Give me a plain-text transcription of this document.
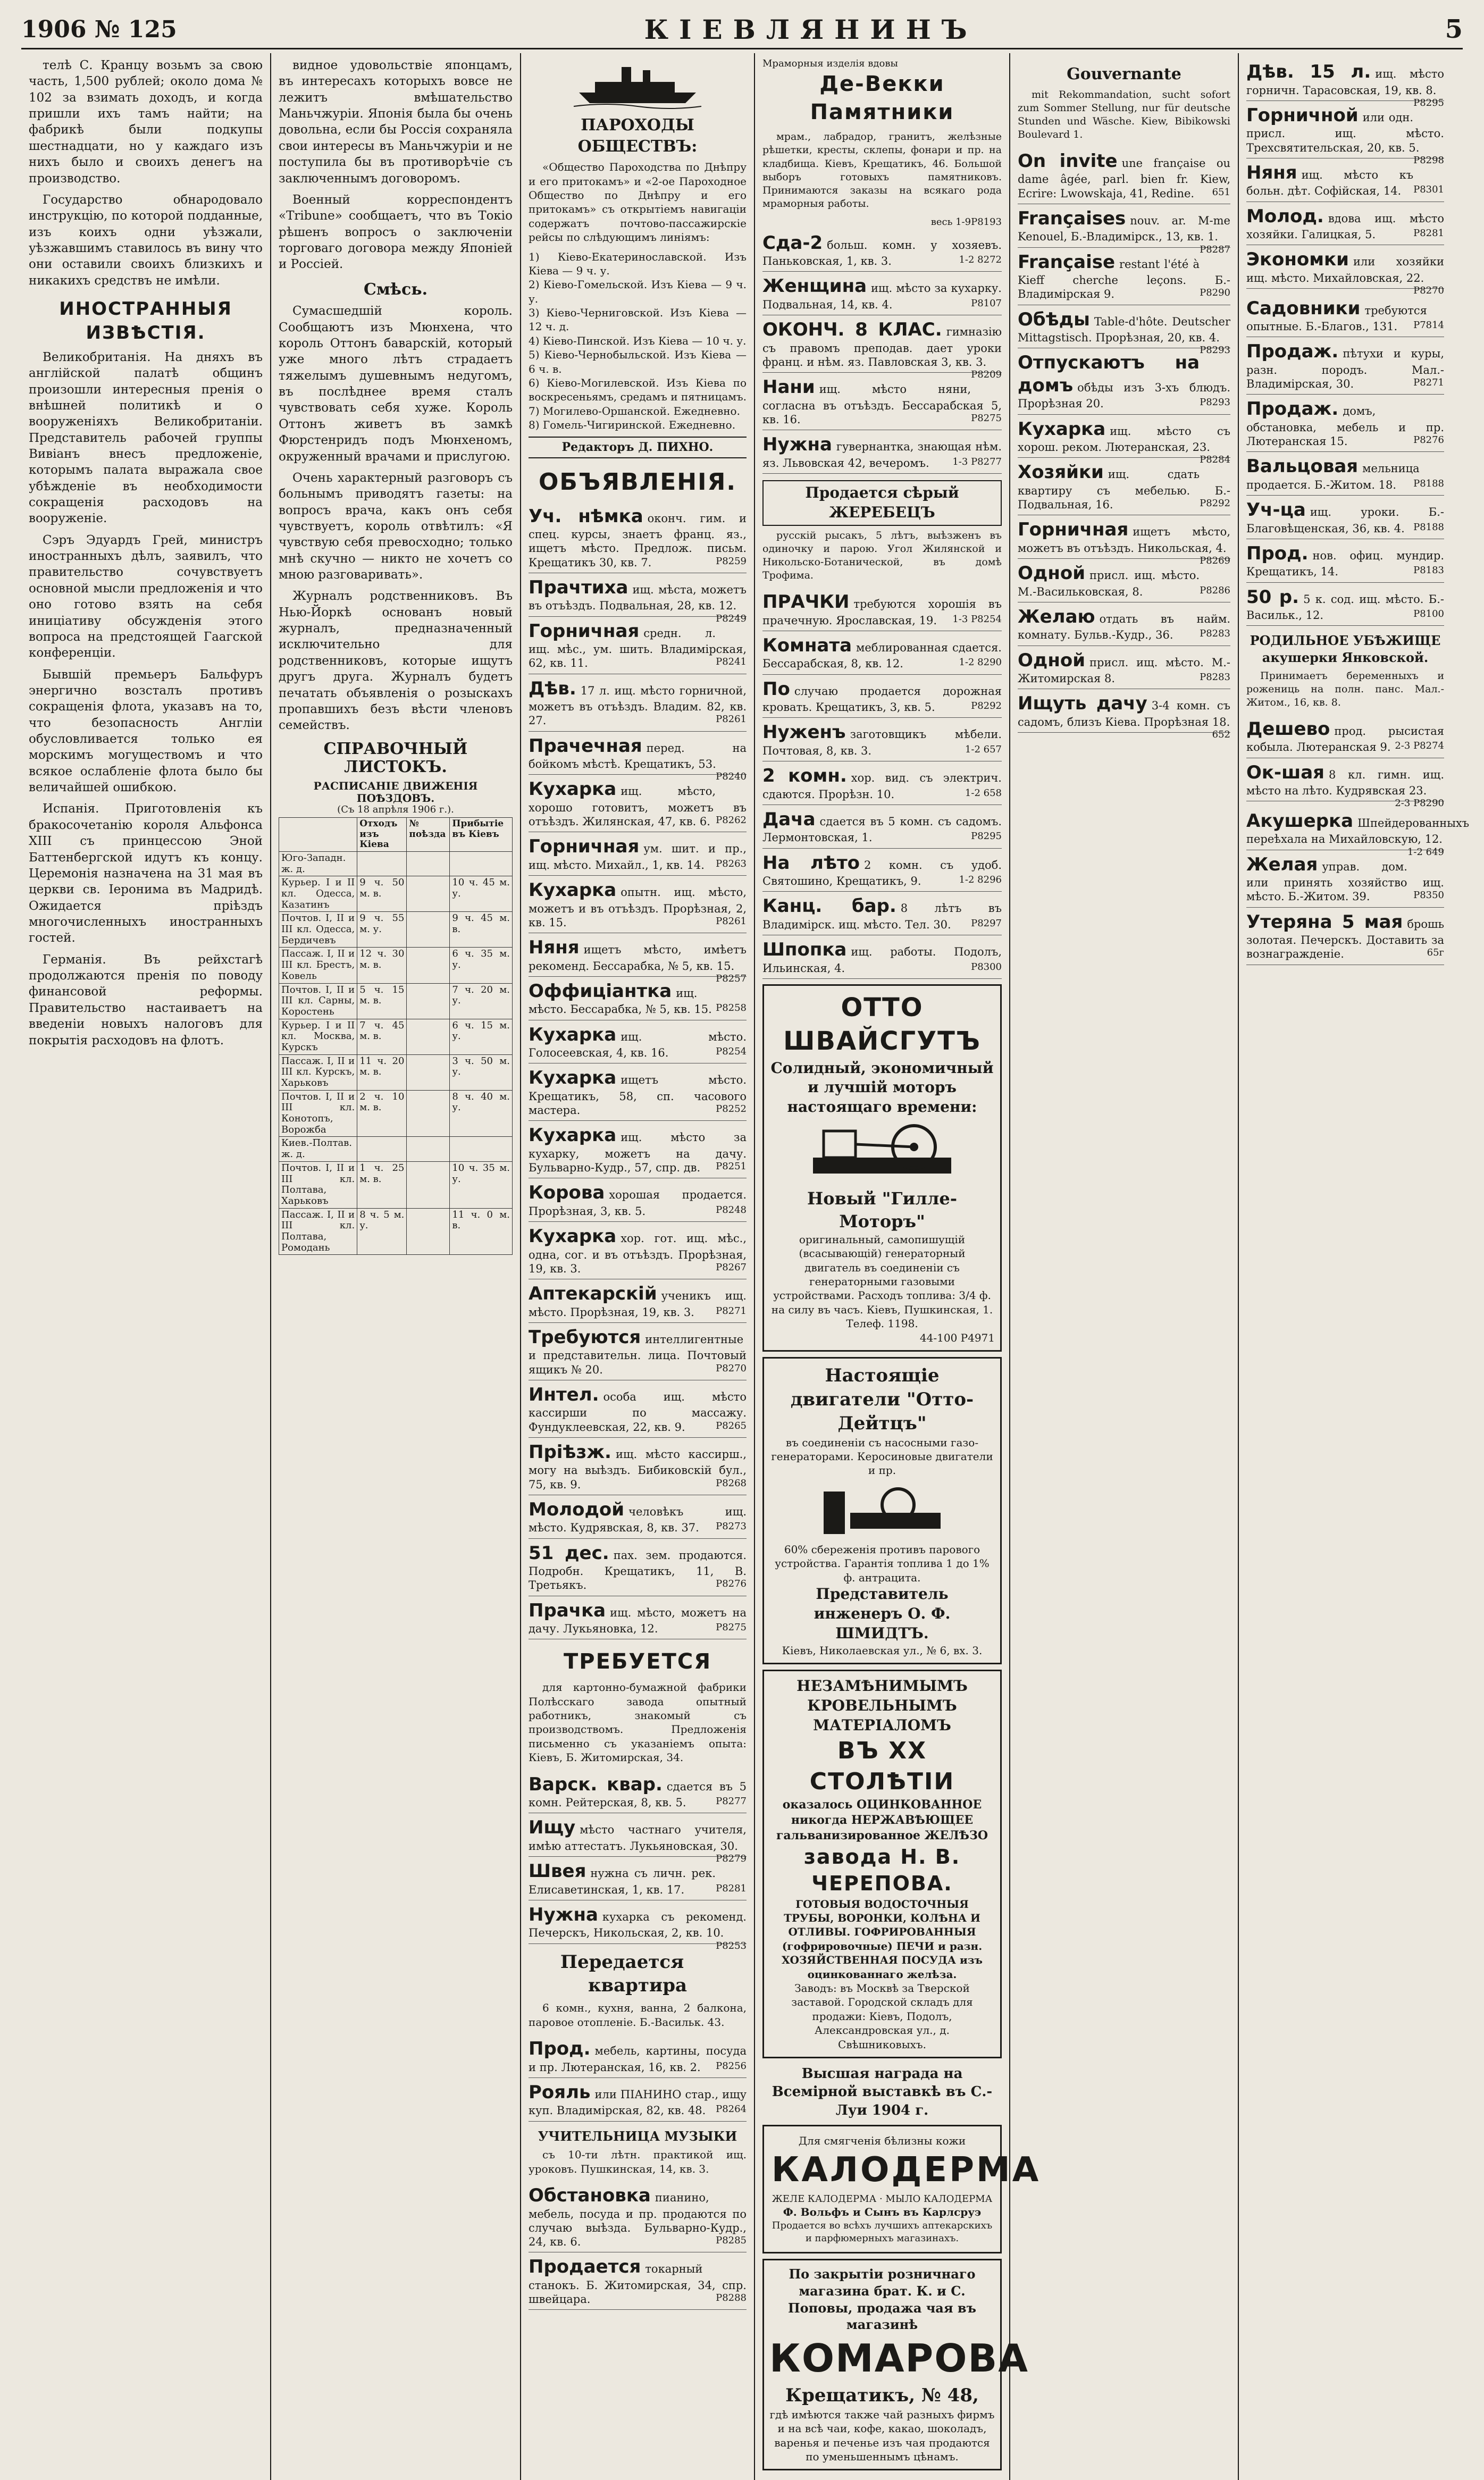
1906 № 125	КІЕВЛЯНИНЪ	5

телѣ С. Кранцу возьмъ за свою часть, 1,500 рублей; около дома № 102 за взимать доходъ, и когда пришли ихъ тамъ найти; на фабрикѣ были подкупы шестнадцати, но у каждаго изъ нихъ было и своихъ денегъ на производство.

Государство обнародовало инструкцію, по которой подданные, изъ коихъ одни уѣзжали, уѣзжавшимъ ставилось въ вину что они оставили своихъ близкихъ и никакихъ средствъ не имѣли.

ИНОСТРАННЫЯ ИЗВѢСТІЯ.

Великобританія. На дняхъ въ англійской палатѣ общинъ произошли интересныя пренія о внѣшней политикѣ и о вооруженіяхъ Великобританіи. Представитель рабочей группы Вивіанъ внесъ предложеніе, которымъ палата выражала свое убѣжденіе въ необходимости сокращенія расходовъ на вооруженіе.

Сэръ Эдуардъ Грей, министръ иностранныхъ дѣлъ, заявилъ, что правительство сочувствуетъ основной мысли предложенія и что оно готово взять на себя иниціативу обсужденія этого вопроса на предстоящей Гаагской конференціи.

Бывшій премьеръ Бальфуръ энергично возсталъ противъ сокращенія флота, указавъ на то, что безопасность Англіи обусловливается только ея морскимъ могуществомъ и что всякое ослабленіе флота было бы величайшей ошибкою.

Испанія. Приготовленія къ бракосочетанію короля Альфонса XIII съ принцессою Эной Баттенбергской идутъ къ концу. Церемонія назначена на 31 мая въ церкви св. Іеронима въ Мадридѣ. Ожидается пріѣздъ многочисленныхъ иностранныхъ гостей.

Германія. Въ рейхстагѣ продолжаются пренія по поводу финансовой реформы. Правительство настаиваетъ на введеніи новыхъ налоговъ для покрытія расходовъ на флотъ.

видное удовольствіе японцамъ, въ интересахъ которыхъ вовсе не лежитъ вмѣшательство Маньчжуріи. Японія была бы очень довольна, если бы Россія сохраняла свои интересы въ Маньчжуріи и не поступила бы въ противорѣчіе съ заключеннымъ договоромъ.

Военный корреспондентъ «Tribune» сообщаетъ, что въ Токіо рѣшенъ вопросъ о заключеніи торговаго договора между Японіей и Россіей.

Смѣсь.

Сумасшедшій король. Сообщаютъ изъ Мюнхена, что король Оттонъ баварскій, который уже много лѣтъ страдаетъ тяжелымъ душевнымъ недугомъ, въ послѣднее время сталъ чувствовать себя хуже. Король Оттонъ живетъ въ замкѣ Фюрстенридъ подъ Мюнхеномъ, окруженный врачами и прислугою.

Очень характерный разговоръ съ больнымъ приводятъ газеты: на вопросъ врача, какъ онъ себя чувствуетъ, король отвѣтилъ: «Я чувствую себя превосходно; только мнѣ скучно — никто не хочетъ со мною разговаривать».

Журналъ родственниковъ. Въ Нью-Йоркѣ основанъ новый журналъ, предназначенный исключительно для родственниковъ, которые ищутъ другъ друга. Журналъ будетъ печатать объявленія о розыскахъ пропавшихъ безъ вѣсти членовъ семействъ.

СПРАВОЧНЫЙ ЛИСТОКЪ.
РАСПИСАНІЕ ДВИЖЕНІЯ ПОѢЗДОВЪ.
(Съ 18 апрѣля 1906 г.).
	Отходъ изъ Кіева	№ поѣзда	Прибытіе въ Кіевъ
Юго-Западн. ж. д.			
Курьер. I и II кл. Одесса, Казатинъ	9 ч. 50 м. в.		10 ч. 45 м. у.
Почтов. I, II и III кл. Одесса, Бердичевъ	9 ч. 55 м. у.		9 ч. 45 м. в.
Пассаж. I, II и III кл. Брестъ, Ковель	12 ч. 30 м. в.		6 ч. 35 м. у.
Почтов. I, II и III кл. Сарны, Коростень	5 ч. 15 м. в.		7 ч. 20 м. у.
Курьер. I и II кл. Москва, Курскъ	7 ч. 45 м. в.		6 ч. 15 м. у.
Пассаж. I, II и III кл. Курскъ, Харьковъ	11 ч. 20 м. в.		3 ч. 50 м. у.
Почтов. I, II и III кл. Конотопъ, Ворожба	2 ч. 10 м. в.		8 ч. 40 м. у.
Киев.-Полтав. ж. д.			
Почтов. I, II и III кл. Полтава, Харьковъ	1 ч. 25 м. в.		10 ч. 35 м. у.
Пассаж. I, II и III кл. Полтава, Ромодань	8 ч. 5 м. у.		11 ч. 0 м. в.
ПАРОХОДЫ ОБЩЕСТВЪ:

«Общество Пароходства по Днѣпру и его притокамъ» и «2-ое Пароходное Общество по Днѣпру и его притокамъ» съ открытіемъ навигаціи содержатъ почтово-пассажирскіе рейсы по слѣдующимъ линіямъ:

1) Кіево-Екатеринославской. Изъ Кіева — 9 ч. у.
2) Кіево-Гомельской. Изъ Кіева — 9 ч. у.
3) Кіево-Черниговской. Изъ Кіева — 12 ч. д.
4) Кіево-Пинской. Изъ Кіева — 10 ч. у.
5) Кіево-Чернобыльской. Изъ Кіева — 6 ч. в.
6) Кіево-Могилевской. Изъ Кіева по воскресеньямъ, средамъ и пятницамъ.
7) Могилево-Оршанской. Ежедневно.
8) Гомель-Чигиринской. Ежедневно.
Редакторъ Д. ПИХНО.
ОБЪЯВЛЕНІЯ.
Уч. нѣмка оконч. гим. и спец. курсы, знаетъ франц. яз., ищетъ мѣсто. Предлож. письм. Крещатикъ 30, кв. 7.	Р8259
Прачтиха ищ. мѣста, можетъ въ отъѣздъ. Подвальная, 28, кв. 12.
Р8249
Горничная средн. л. ищ. мѣс., ум. шить. Владимірская, 62, кв. 11.	Р8241
Дѣв. 17 л. ищ. мѣсто горничной, можетъ въ отъѣздъ. Владим. 82, кв. 27.	Р8261
Прачечная перед. на бойкомъ мѣстѣ. Крещатикъ, 53.
Р8240
Кухарка ищ. мѣсто, хорошо готовитъ, можетъ въ отъѣздъ. Жилянская, 47, кв. 6. Р8262
Горничная ум. шит. и пр., ищ. мѣсто. Михайл., 1, кв. 14. Р8263
Кухарка опытн. ищ. мѣсто, можетъ и въ отъѣздъ. Прорѣзная, 2, кв. 15.	Р8261
Няня ищетъ мѣсто, имѣетъ рекоменд. Бессарабка, № 5, кв. 15.
Р8257
Оффиціантка ищ. мѣсто. Бессарабка, № 5, кв. 15. Р8258
Кухарка ищ. мѣсто. Голосеевская, 4, кв. 16.	Р8254
Кухарка ищетъ мѣсто. Крещатикъ, 58, сп. часового мастера.	Р8252
Кухарка ищ. мѣсто за кухарку, можетъ на дачу. Бульварно-Кудр., 57, спр. дв. Р8251
Корова хорошая продается. Прорѣзная, 3, кв. 5.	Р8248
Кухарка хор. гот. ищ. мѣс., одна, сог. и въ отъѣздъ. Прорѣзная, 19, кв. 3.	Р8267
Аптекарскій ученикъ ищ. мѣсто. Прорѣзная, 19, кв. 3. Р8271
Требуются интеллигентные и представительн. лица. Почтовый ящикъ № 20.	Р8270
Интел. особа ищ. мѣсто кассирши по массажу. Фундуклеевская, 22, кв. 9.	Р8265
Пріѣзж. ищ. мѣсто кассирш., могу на выѣздъ. Бибиковскій бул., 75, кв. 9.	Р8268
Молодой человѣкъ ищ. мѣсто. Кудрявская, 8, кв. 37. Р8273
51 дес. пах. зем. продаются. Подробн. Крещатикъ, 11, В. Третьякъ.	Р8276
Прачка ищ. мѣсто, можетъ на дачу. Лукьяновка, 12.	Р8275
ТРЕБУЕТСЯ

для картонно-бумажной фабрики Полѣсскаго завода опытный работникъ, знакомый съ производствомъ. Предложенія письменно съ указаніемъ опыта: Кіевъ, Б. Житомирская, 34.

Варск. квар. сдается въ 5 комн. Рейтерская, 8, кв. 5.	Р8277
Ищу мѣсто частнаго учителя, имѣю аттестатъ. Лукьяновская, 30.
Р8279
Швея нужна съ личн. рек. Елисаветинская, 1, кв. 17.	Р8281
Нужна кухарка съ рекоменд. Печерскъ, Никольская, 2, кв. 10.
Р8253
Передается квартира

6 комн., кухня, ванна, 2 балкона, паровое отопленіе. Б.-Васильк. 43.

Прод. мебель, картины, посуда и пр. Лютеранская, 16, кв. 2. Р8256
Рояль или ПІАНИНО стар., ищу куп. Владимірская, 82, кв. 48. Р8264
УЧИТЕЛЬНИЦА МУЗЫКИ

съ 10-ти лѣтн. практикой ищ. уроковъ. Пушкинская, 14, кв. 3.

Обстановка пианино, мебель, посуда и пр. продаются по случаю выѣзда. Бульварно-Кудр., 24, кв. 6.	Р8285
Продается токарный станокъ. Б. Житомирская, 34, спр. швейцара.	Р8288
Мраморныя изделія вдовы
Де-Векки Памятники

мрам., лабрадор, гранитъ, желѣзные рѣшетки, кресты, склепы, фонари и пр. на кладбища. Кіевъ, Крещатикъ, 46. Большой выборъ готовыхъ памятниковъ. Принимаются заказы на всякаго рода мраморныя работы.

весь 1-9Р8193
Сда-2 больш. комн. у хозяевъ. Паньковская, 1, кв. 3.	1-2 8272
Женщина ищ. мѣсто за кухарку. Подвальная, 14, кв. 4.	Р8107
ОКОНЧ. 8 КЛАС. гимназію съ правомъ преподав. дает уроки франц. и нѣм. яз. Павловская 3, кв. 3.
Р8209
Нани ищ. мѣсто няни, согласна въ отъѣздъ. Бессарабская 5, кв. 16.	Р8275
Нужна гувернантка, знающая нѣм. яз. Львовская 42, вечеромъ. 1-3 Р8277
Продается сѣрый ЖЕРЕБЕЦЪ

русскій рысакъ, 5 лѣтъ, выѣзженъ въ одиночку и парою. Угол Жилянской и Никольско-Ботанической, въ домѣ Трофима.

ПРАЧКИ требуются хорошія въ прачечную. Ярославская, 19. 1-3 Р8254
Комната меблированная сдается. Бессарабская, 8, кв. 12.	1-2 8290
По случаю продается дорожная кровать. Крещатикъ, 3, кв. 5.	Р8292
Нуженъ заготовщикъ мѣбели. Почтовая, 8, кв. 3.	1-2 657
2 комн. хор. вид. съ электрич. сдаются. Прорѣзн. 10.	1-2 658
Дача сдается въ 5 комн. съ садомъ. Лермонтовская, 1.	Р8295
На лѣто 2 комн. съ удоб. Святошино, Крещатикъ, 9.	1-2 8296
Канц. бар. 8 лѣтъ въ Владимірск. ищ. мѣсто. Тел. 30. Р8297
Шпопка ищ. работы. Подолъ, Ильинская, 4.	Р8300
ОТТО ШВАЙСГУТЪ
Солидный, экономичный и лучшій моторъ настоящаго времени:
Новый "Гилле-Моторъ"
оригинальный, самопишущій (всасывающій) генераторный двигатель въ соединеніи съ генераторными газовыми устройствами. Расходъ топлива: 3/4 ф. на силу въ часъ. Кіевъ, Пушкинская, 1. Телеф. 1198.
44-100 Р4971
Настоящіе двигатели "Отто-Дейтцъ"
въ соединеніи съ насосными газо-генераторами. Керосиновые двигатели и пр.
60% сбереженія противъ парового устройства. Гарантія топлива 1 до 1% ф. антрацита.
Представитель инженеръ О. Ф. ШМИДТЪ.
Кіевъ, Николаевская ул., № 6, вх. 3.
НЕЗАМѢНИМЫМЪ КРОВЕЛЬНЫМЪ МАТЕРІАЛОМЪ
ВЪ XX СТОЛѢТІИ
оказалось ОЦИНКОВАННОЕ никогда НЕРЖАВѢЮЩЕЕ гальванизированное ЖЕЛѢЗО
завода Н. В. ЧЕРЕПОВА.
ГОТОВЫЯ ВОДОСТОЧНЫЯ ТРУБЫ, ВОРОНКИ, КОЛѢНА И ОТЛИВЫ. ГОФРИРОВАННЫЯ (гофрировочные) ПЕЧИ и разн. ХОЗЯЙСТВЕННАЯ ПОСУДА изъ оцинкованнаго желѣза.
Заводъ: въ Москвѣ за Тверской заставой. Городской складъ для продажи: Кіевъ, Подолъ, Александровская ул., д. Свѣшниковыхъ.
Высшая награда на Всемірной выставкѣ въ С.-Луи 1904 г.
Для смягченія бѣлизны кожи
КАЛОДЕРМА
ЖЕЛЕ КАЛОДЕРМА · МЫЛО КАЛОДЕРМА
Ф. Вольфъ и Сынъ въ Карлсруэ
Продается во всѣхъ лучшихъ аптекарскихъ и парфюмерныхъ магазинахъ.
По закрытіи розничнаго магазина брат. К. и С. Поповы, продажа чая въ магазинѣ
КОМАРОВА
Крещатикъ, № 48,
гдѣ имѣются также чай разныхъ фирмъ и на всѣ чаи, кофе, какао, шоколадъ, варенья и печенье изъ чая продаются по уменьшеннымъ цѣнамъ.
Gouvernante

mit Rekommandation, sucht sofort zum Sommer Stellung, nur für deutsche Stunden und Wäsche. Kiew, Bibikowski Boulevard 1.

On invite une française ou dame âgée, parl. bien fr. Kiew, Ecrire: Lwowskaja, 41, Redine. 651
Françaises nouv. ar. M-me Kenouel, Б.-Владимірск., 13, кв. 1.
Р8287
Française restant l'été à Kieff cherche leçons. Б.-Владимірская 9.	Р8290
Обѣды Table-d'hôte. Deutscher Mittagstisch. Прорѣзная, 20, кв. 4.
Р8293
Отпускаютъ на домъ обѣды изъ 3-хъ блюдъ. Прорѣзная 20.	Р8293
Кухарка ищ. мѣсто съ хорош. реком. Лютеранская, 23.
Р8284
Хозяйки ищ. сдать квартиру съ мебелью. Б.-Подвальная, 16.	Р8292
Горничная ищетъ мѣсто, можетъ въ отъѣздъ. Никольская, 4.
Р8269
Одной присл. ищ. мѣсто. М.-Васильковская, 8.	Р8286
Желаю отдать въ найм. комнату. Бульв.-Кудр., 36.	Р8283
Одной присл. ищ. мѣсто. М.-Житомирская 8.	Р8283
Ищуть дачу 3-4 комн. съ садомъ, близъ Кіева. Прорѣзная 18.
652
Дѣв. 15 л. ищ. мѣсто горничн. Тарасовская, 19, кв. 8.
Р8295
Горничной или одн. присл. ищ. мѣсто. Трехсвятительская, 20, кв. 5.
Р8298
Няня ищ. мѣсто къ больн. дѣт. Софійская, 14. Р8301
Молод. вдова ищ. мѣсто хозяйки. Галицкая, 5.	Р8281
Экономки или хозяйки ищ. мѣсто. Михайловская, 22.
Р8270
Садовники требуются опытные. Б.-Благов., 131. Р7814
Продаж. пѣтухи и куры, разн. породъ. Мал.-Владимірская, 30.	Р8271
Продаж. домъ, обстановка, мебель и пр. Лютеранская 15.	Р8276
Вальцовая мельница продается. Б.-Житом. 18. Р8188
Уч-ца ищ. уроки. Б.-Благовѣщенская, 36, кв. 4. Р8188
Прод. нов. офиц. мундир. Крещатикъ, 14.	Р8183
50 р. 5 к. сод. ищ. мѣсто. Б.-Васильк., 12.	Р8100
РОДИЛЬНОЕ УБѢЖИЩЕ акушерки Янковской.

Принимаетъ беременныхъ и рожениць на полн. панс. Мал.-Житом., 16, кв. 8.

Дешево прод. рысистая кобыла. Лютеранская 9. 2-3 Р8274
Ок-шая 8 кл. гимн. ищ. мѣсто на лѣто. Кудрявская 23.
2-3 Р8290
Акушерка Шпейдерованныхъ переѣхала на Михайловскую, 12.
1-2 649
Желая управ. дом. или принять хозяйство ищ. мѣсто. Б.-Житом. 39.	Р8350
Утеряна 5 мая брошь золотая. Печерскъ. Доставить за вознагражденіе.	65г
